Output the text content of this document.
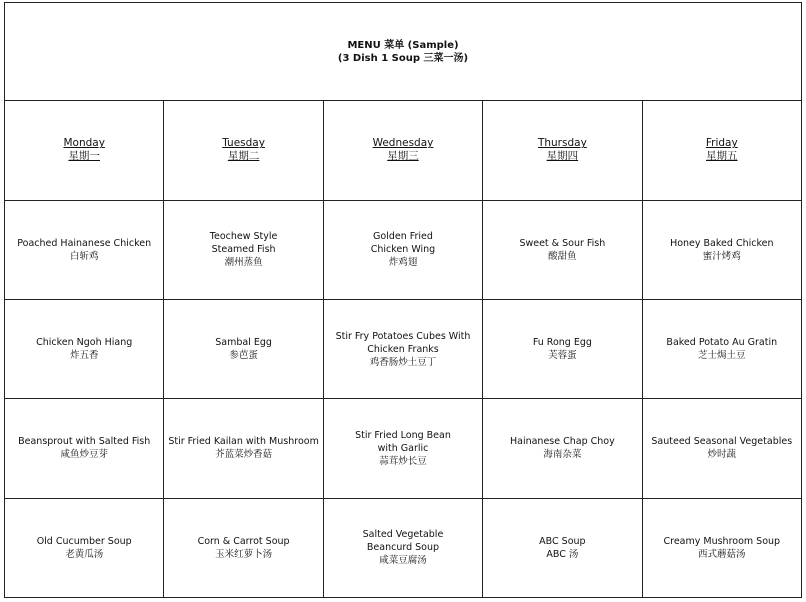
MENU 菜单 (Sample)
(3 Dish 1 Soup 三菜一汤)				

Monday
星期一	Tuesday
星期二	Wednesday
星期三	Thursday
星期四	Friday
星期五

Poached Hainanese Chicken
白斩鸡	Teochew Style
Steamed Fish
潮州蒸鱼	Golden Fried
Chicken Wing
炸鸡翅	Sweet & Sour Fish
酸甜鱼	Honey Baked Chicken
蜜汁烤鸡

Chicken Ngoh Hiang
炸五香	Sambal Egg
参芭蛋	Stir Fry Potatoes Cubes With
Chicken Franks
鸡香肠炒土豆丁	Fu Rong Egg
芙蓉蛋	Baked Potato Au Gratin
芝士焗土豆

Beansprout with Salted Fish
咸鱼炒豆芽	Stir Fried Kailan with Mushroom
芥蓝菜炒香菇	Stir Fried Long Bean
with Garlic
蒜茸炒长豆	Hainanese Chap Choy
海南杂菜	Sauteed Seasonal Vegetables
炒时蔬

Old Cucumber Soup
老黄瓜汤	Corn & Carrot Soup
玉米红萝卜汤	Salted Vegetable
Beancurd Soup
咸菜豆腐汤	ABC Soup
ABC 汤	Creamy Mushroom Soup
西式蘑菇汤
